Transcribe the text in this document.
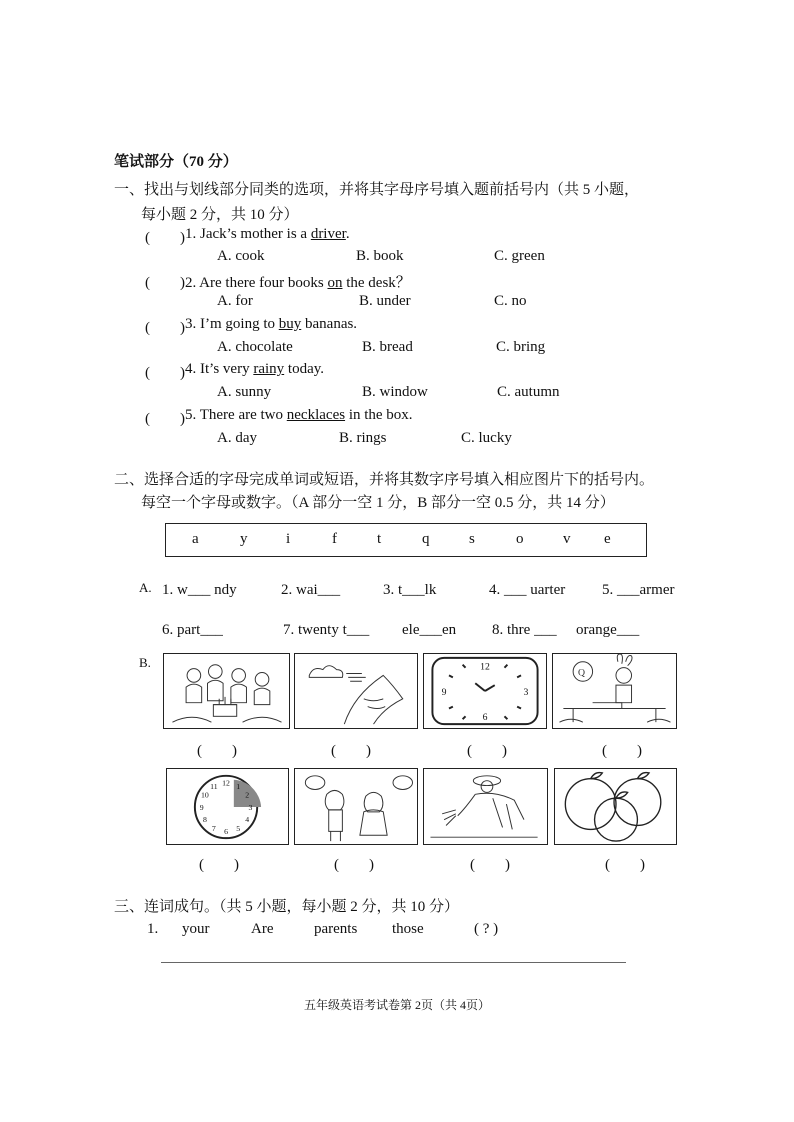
笔试部分（70 分）
一、找出与划线部分同类的选项，并将其字母序号填入题前括号内（共 5 小题，
每小题 2 分，共 10 分）
(　　) 1. Jack’s mother is a driver.
A. cook	B. book	C. green
(　　) 2. Are there four books on the desk？
A. for	B. under	C. no
(　　) 3. I’m going to buy bananas.
A. chocolate	B. bread	C. bring
(　　) 4. It’s very rainy today.
A. sunny	B. window	C. autumn
(　　) 5. There are two necklaces in the box.
A. day	B. rings	C. lucky
二、选择合适的字母完成单词或短语，并将其数字序号填入相应图片下的括号内。
每空一个字母或数字。（A 部分一空 1 分，B 部分一空 0.5 分，共 14 分）
a	y	i	f	t	q	s	o	v e
A. 1. w___ ndy	2. wai___	3. t___lk	4. ___ uarter 5. ___armer
6. part___	7. twenty t___ ele___en 8. thre ___ orange___
B.	12
3
6
9
Q
(　　)	(　　)	(　　)	(　　)
1
2
3
4
5
6
7
8
9
10
11 12
(　　)	(　　)	(　　)	(　　)
三、连词成句。（共 5 小题，每小题 2 分，共 10 分）
1. your	Are	parents those	( ? )
五年级英语考试卷第 2页（共 4页）
